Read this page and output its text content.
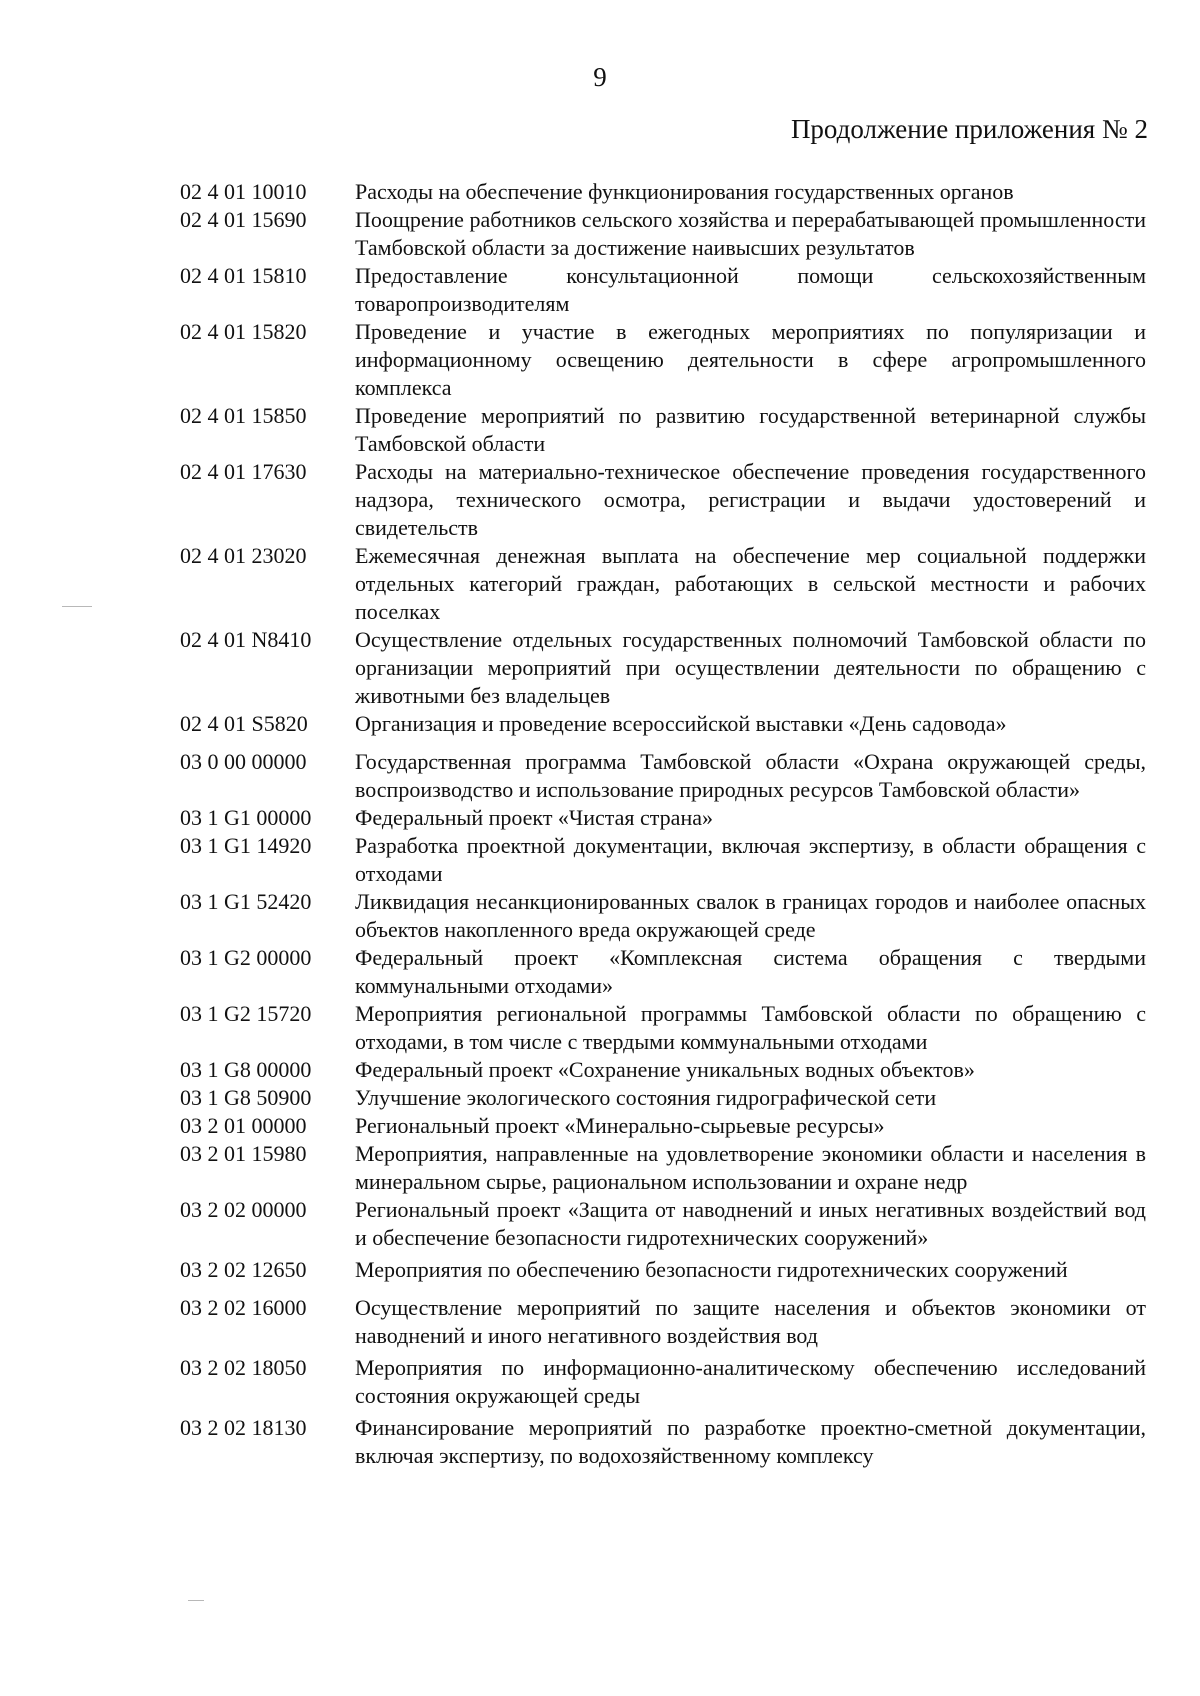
9
Продолжение приложения № 2
02 4 01 10010	Расходы на обеспечение функционирования государственных органов
02 4 01 15690	Поощрение работников сельского хозяйства и перерабатывающей промышленности Тамбовской области за достижение наивысших результатов
02 4 01 15810	Предоставление консультационной помощи сельскохозяйственным товаропроизводителям
02 4 01 15820	Проведение и участие в ежегодных мероприятиях по популяризации и информационному освещению деятельности в сфере агропромышленного комплекса
02 4 01 15850	Проведение мероприятий по развитию государственной ветеринарной службы Тамбовской области
02 4 01 17630	Расходы на материально-техническое обеспечение проведения государственного надзора, технического осмотра, регистрации и выдачи удостоверений и свидетельств
02 4 01 23020	Ежемесячная денежная выплата на обеспечение мер социальной поддержки отдельных категорий граждан, работающих в сельской местности и рабочих поселках
02 4 01 N8410	Осуществление отдельных государственных полномочий Тамбовской области по организации мероприятий при осуществлении деятельности по обращению с животными без владельцев
02 4 01 S5820	Организация и проведение всероссийской выставки «День садовода»
03 0 00 00000	Государственная программа Тамбовской области «Охрана окружающей среды, воспроизводство и использование природных ресурсов Тамбовской области»
03 1 G1 00000	Федеральный проект «Чистая страна»
03 1 G1 14920	Разработка проектной документации, включая экспертизу, в области обращения с отходами
03 1 G1 52420	Ликвидация несанкционированных свалок в границах городов и наиболее опасных объектов накопленного вреда окружающей среде
03 1 G2 00000	Федеральный проект «Комплексная система обращения с твердыми коммунальными отходами»
03 1 G2 15720	Мероприятия региональной программы Тамбовской области по обращению с отходами, в том числе с твердыми коммунальными отходами
03 1 G8 00000	Федеральный проект «Сохранение уникальных водных объектов»
03 1 G8 50900	Улучшение экологического состояния гидрографической сети
03 2 01 00000	Региональный проект «Минерально-сырьевые ресурсы»
03 2 01 15980	Мероприятия, направленные на удовлетворение экономики области и населения в минеральном сырье, рациональном использовании и охране недр
03 2 02 00000	Региональный проект «Защита от наводнений и иных негативных воздействий вод и обеспечение безопасности гидротехнических сооружений»
03 2 02 12650	Мероприятия по обеспечению безопасности гидротехнических сооружений
03 2 02 16000	Осуществление мероприятий по защите населения и объектов экономики от наводнений и иного негативного воздействия вод
03 2 02 18050	Мероприятия по информационно-аналитическому обеспечению исследований состояния окружающей среды
03 2 02 18130	Финансирование мероприятий по разработке проектно-сметной документации, включая экспертизу, по водохозяйственному комплексу
